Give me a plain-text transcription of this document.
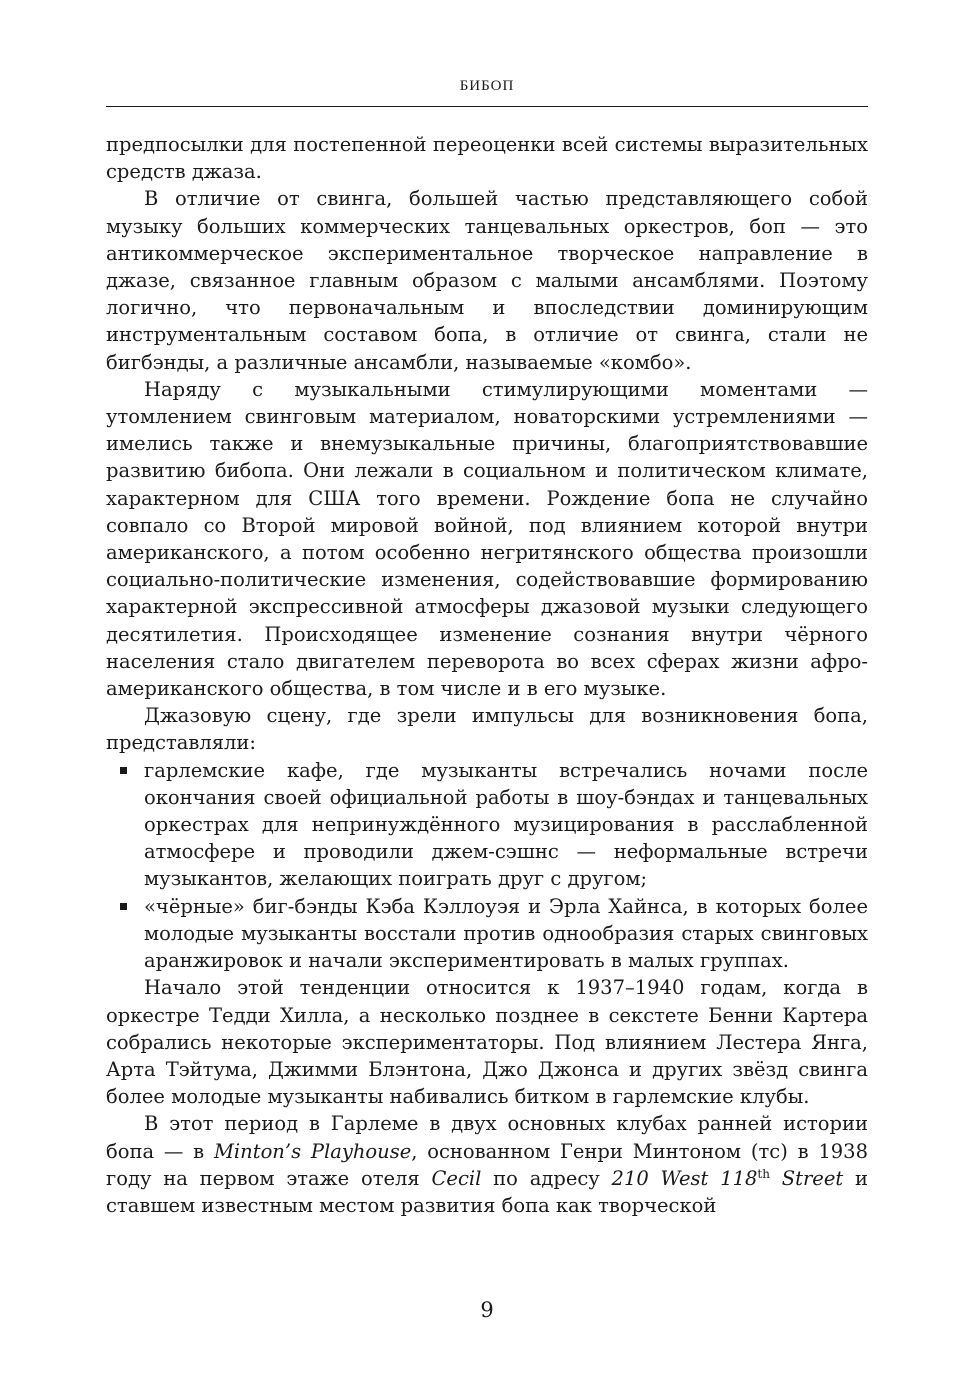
БИБОП

предпосылки для постепенной переоценки всей системы выразительных средств джаза.

В отличие от свинга, большей частью представляющего собой музыку больших коммерческих танцевальных оркестров, боп — это антикоммерческое экспериментальное творческое направление в джазе, связанное главным образом с малыми ансамблями. Поэтому логично, что первоначальным и впоследствии доминирующим инструментальным составом бопа, в отличие от свинга, стали не бигбэнды, а различные ансамбли, называемые «комбо».

Наряду с музыкальными стимулирующими моментами — утомлением свинговым материалом, новаторскими устремлениями — имелись также и внемузыкальные причины, благоприятствовавшие развитию бибопа. Они лежали в социальном и политическом климате, характерном для США того времени. Рождение бопа не случайно совпало со Второй мировой войной, под влиянием которой внутри американского, а потом особенно негритянского общества произошли социально-политические изменения, содействовавшие формированию характерной экспрессивной атмосферы джазовой музыки следующего десятилетия. Происходящее изменение сознания внутри чёрного населения стало двигателем переворота во всех сферах жизни афро-американского общества, в том числе и в его музыке.

Джазовую сцену, где зрели импульсы для возникновения бопа, представляли:

гарлемские кафе, где музыканты встречались ночами после окончания своей официальной работы в шоу-бэндах и танцевальных оркестрах для непринуждённого музицирования в расслабленной атмосфере и проводили джем-сэшнс — неформальные встречи музыкантов, желающих поиграть друг с другом;
«чёрные» биг-бэнды Кэба Кэллоуэя и Эрла Хайнса, в которых более молодые музыканты восстали против однообразия старых свинговых аранжировок и начали экспериментировать в малых группах.

Начало этой тенденции относится к 1937–1940 годам, когда в оркестре Тедди Хилла, а несколько позднее в секстете Бенни Картера собрались некоторые экспериментаторы. Под влиянием Лестера Янга, Арта Тэйтума, Джимми Блэнтона, Джо Джонса и других звёзд свинга более молодые музыканты набивались битком в гарлемские клубы.

В этот период в Гарлеме в двух основных клубах ранней истории бопа — в Minton’s Playhouse, основанном Генри Минтоном (тс) в 1938 году на первом этаже отеля Cecil по адресу 210 West 118th Street и ставшем известным местом развития бопа как творческой

9
